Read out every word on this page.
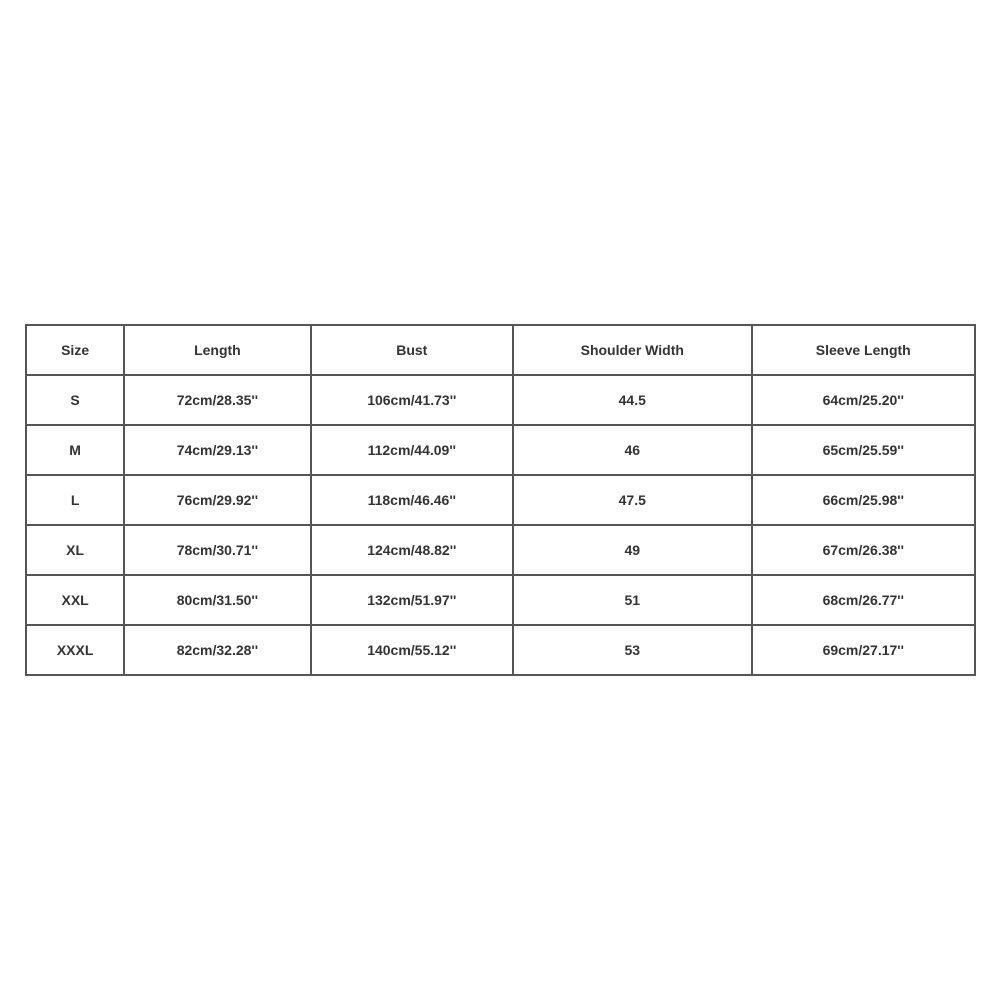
Size	Length	Bust	Shoulder Width	Sleeve Length
S	72cm/28.35''	106cm/41.73''	44.5	64cm/25.20''
M	74cm/29.13''	112cm/44.09''	46	65cm/25.59''
L	76cm/29.92''	118cm/46.46''	47.5	66cm/25.98''
XL	78cm/30.71''	124cm/48.82''	49	67cm/26.38''
XXL	80cm/31.50''	132cm/51.97''	51	68cm/26.77''
XXXL	82cm/32.28''	140cm/55.12''	53	69cm/27.17''
